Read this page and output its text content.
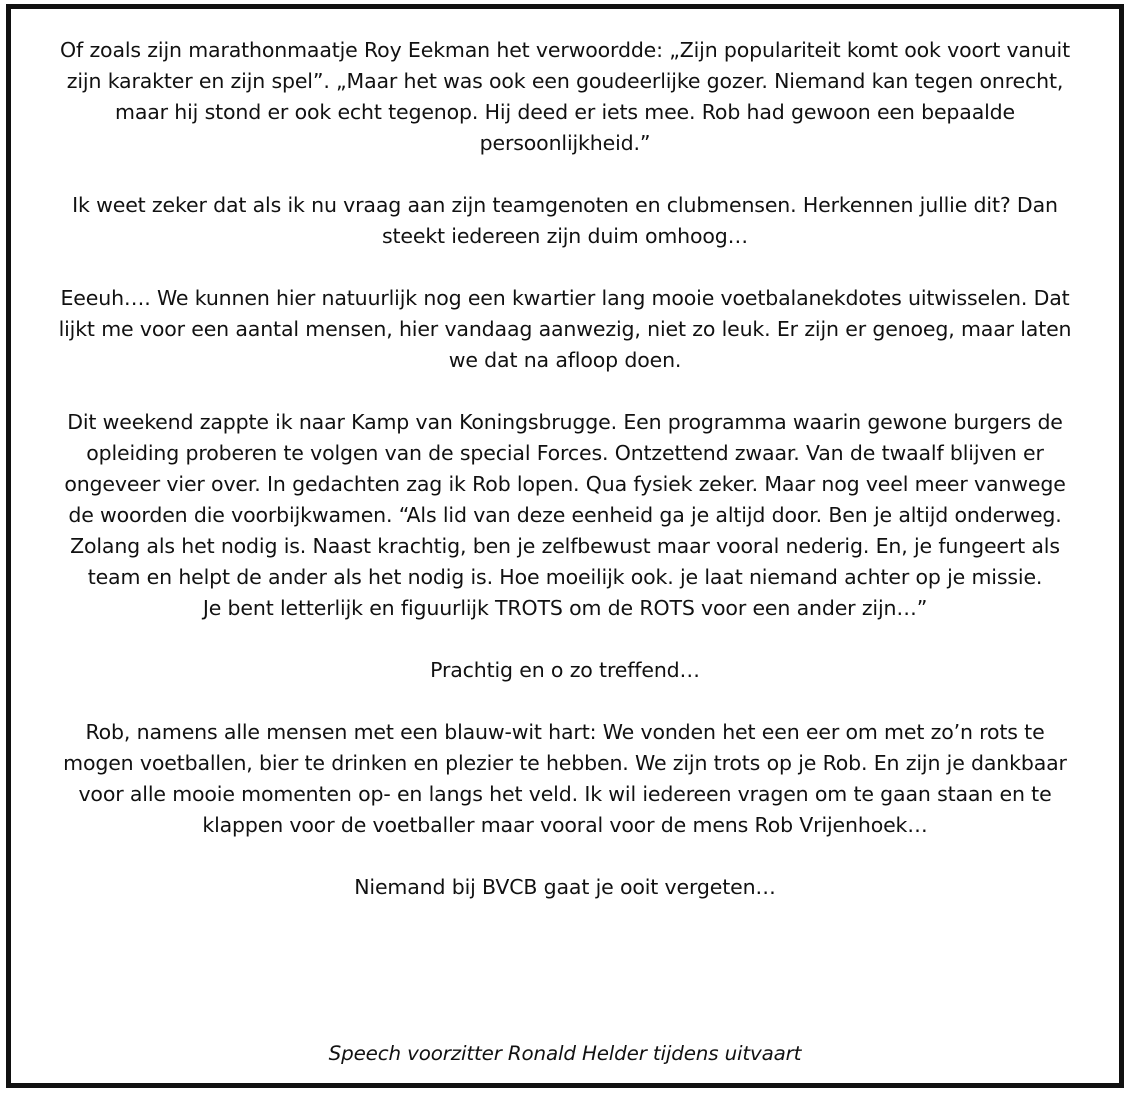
Of zoals zijn marathonmaatje Roy Eekman het verwoordde: „Zijn populariteit komt ook voort vanuit
zijn karakter en zijn spel”. „Maar het was ook een goudeerlijke gozer. Niemand kan tegen onrecht,
maar hij stond er ook echt tegenop. Hij deed er iets mee. Rob had gewoon een bepaalde
persoonlijkheid.”

Ik weet zeker dat als ik nu vraag aan zijn teamgenoten en clubmensen. Herkennen jullie dit? Dan
steekt iedereen zijn duim omhoog…

Eeeuh…. We kunnen hier natuurlijk nog een kwartier lang mooie voetbalanekdotes uitwisselen. Dat
lijkt me voor een aantal mensen, hier vandaag aanwezig, niet zo leuk. Er zijn er genoeg, maar laten
we dat na afloop doen.

Dit weekend zappte ik naar Kamp van Koningsbrugge. Een programma waarin gewone burgers de
opleiding proberen te volgen van de special Forces. Ontzettend zwaar. Van de twaalf blijven er
ongeveer vier over. In gedachten zag ik Rob lopen. Qua fysiek zeker. Maar nog veel meer vanwege
de woorden die voorbijkwamen. “Als lid van deze eenheid ga je altijd door. Ben je altijd onderweg.
Zolang als het nodig is. Naast krachtig, ben je zelfbewust maar vooral nederig. En, je fungeert als
team en helpt de ander als het nodig is. Hoe moeilijk ook. je laat niemand achter op je missie.
Je bent letterlijk en figuurlijk TROTS om de ROTS voor een ander zijn…”

Prachtig en o zo treffend…

Rob, namens alle mensen met een blauw-wit hart: We vonden het een eer om met zo’n rots te
mogen voetballen, bier te drinken en plezier te hebben. We zijn trots op je Rob. En zijn je dankbaar
voor alle mooie momenten op- en langs het veld. Ik wil iedereen vragen om te gaan staan en te
klappen voor de voetballer maar vooral voor de mens Rob Vrijenhoek…

Niemand bij BVCB gaat je ooit vergeten…

Speech voorzitter Ronald Helder tijdens uitvaart
